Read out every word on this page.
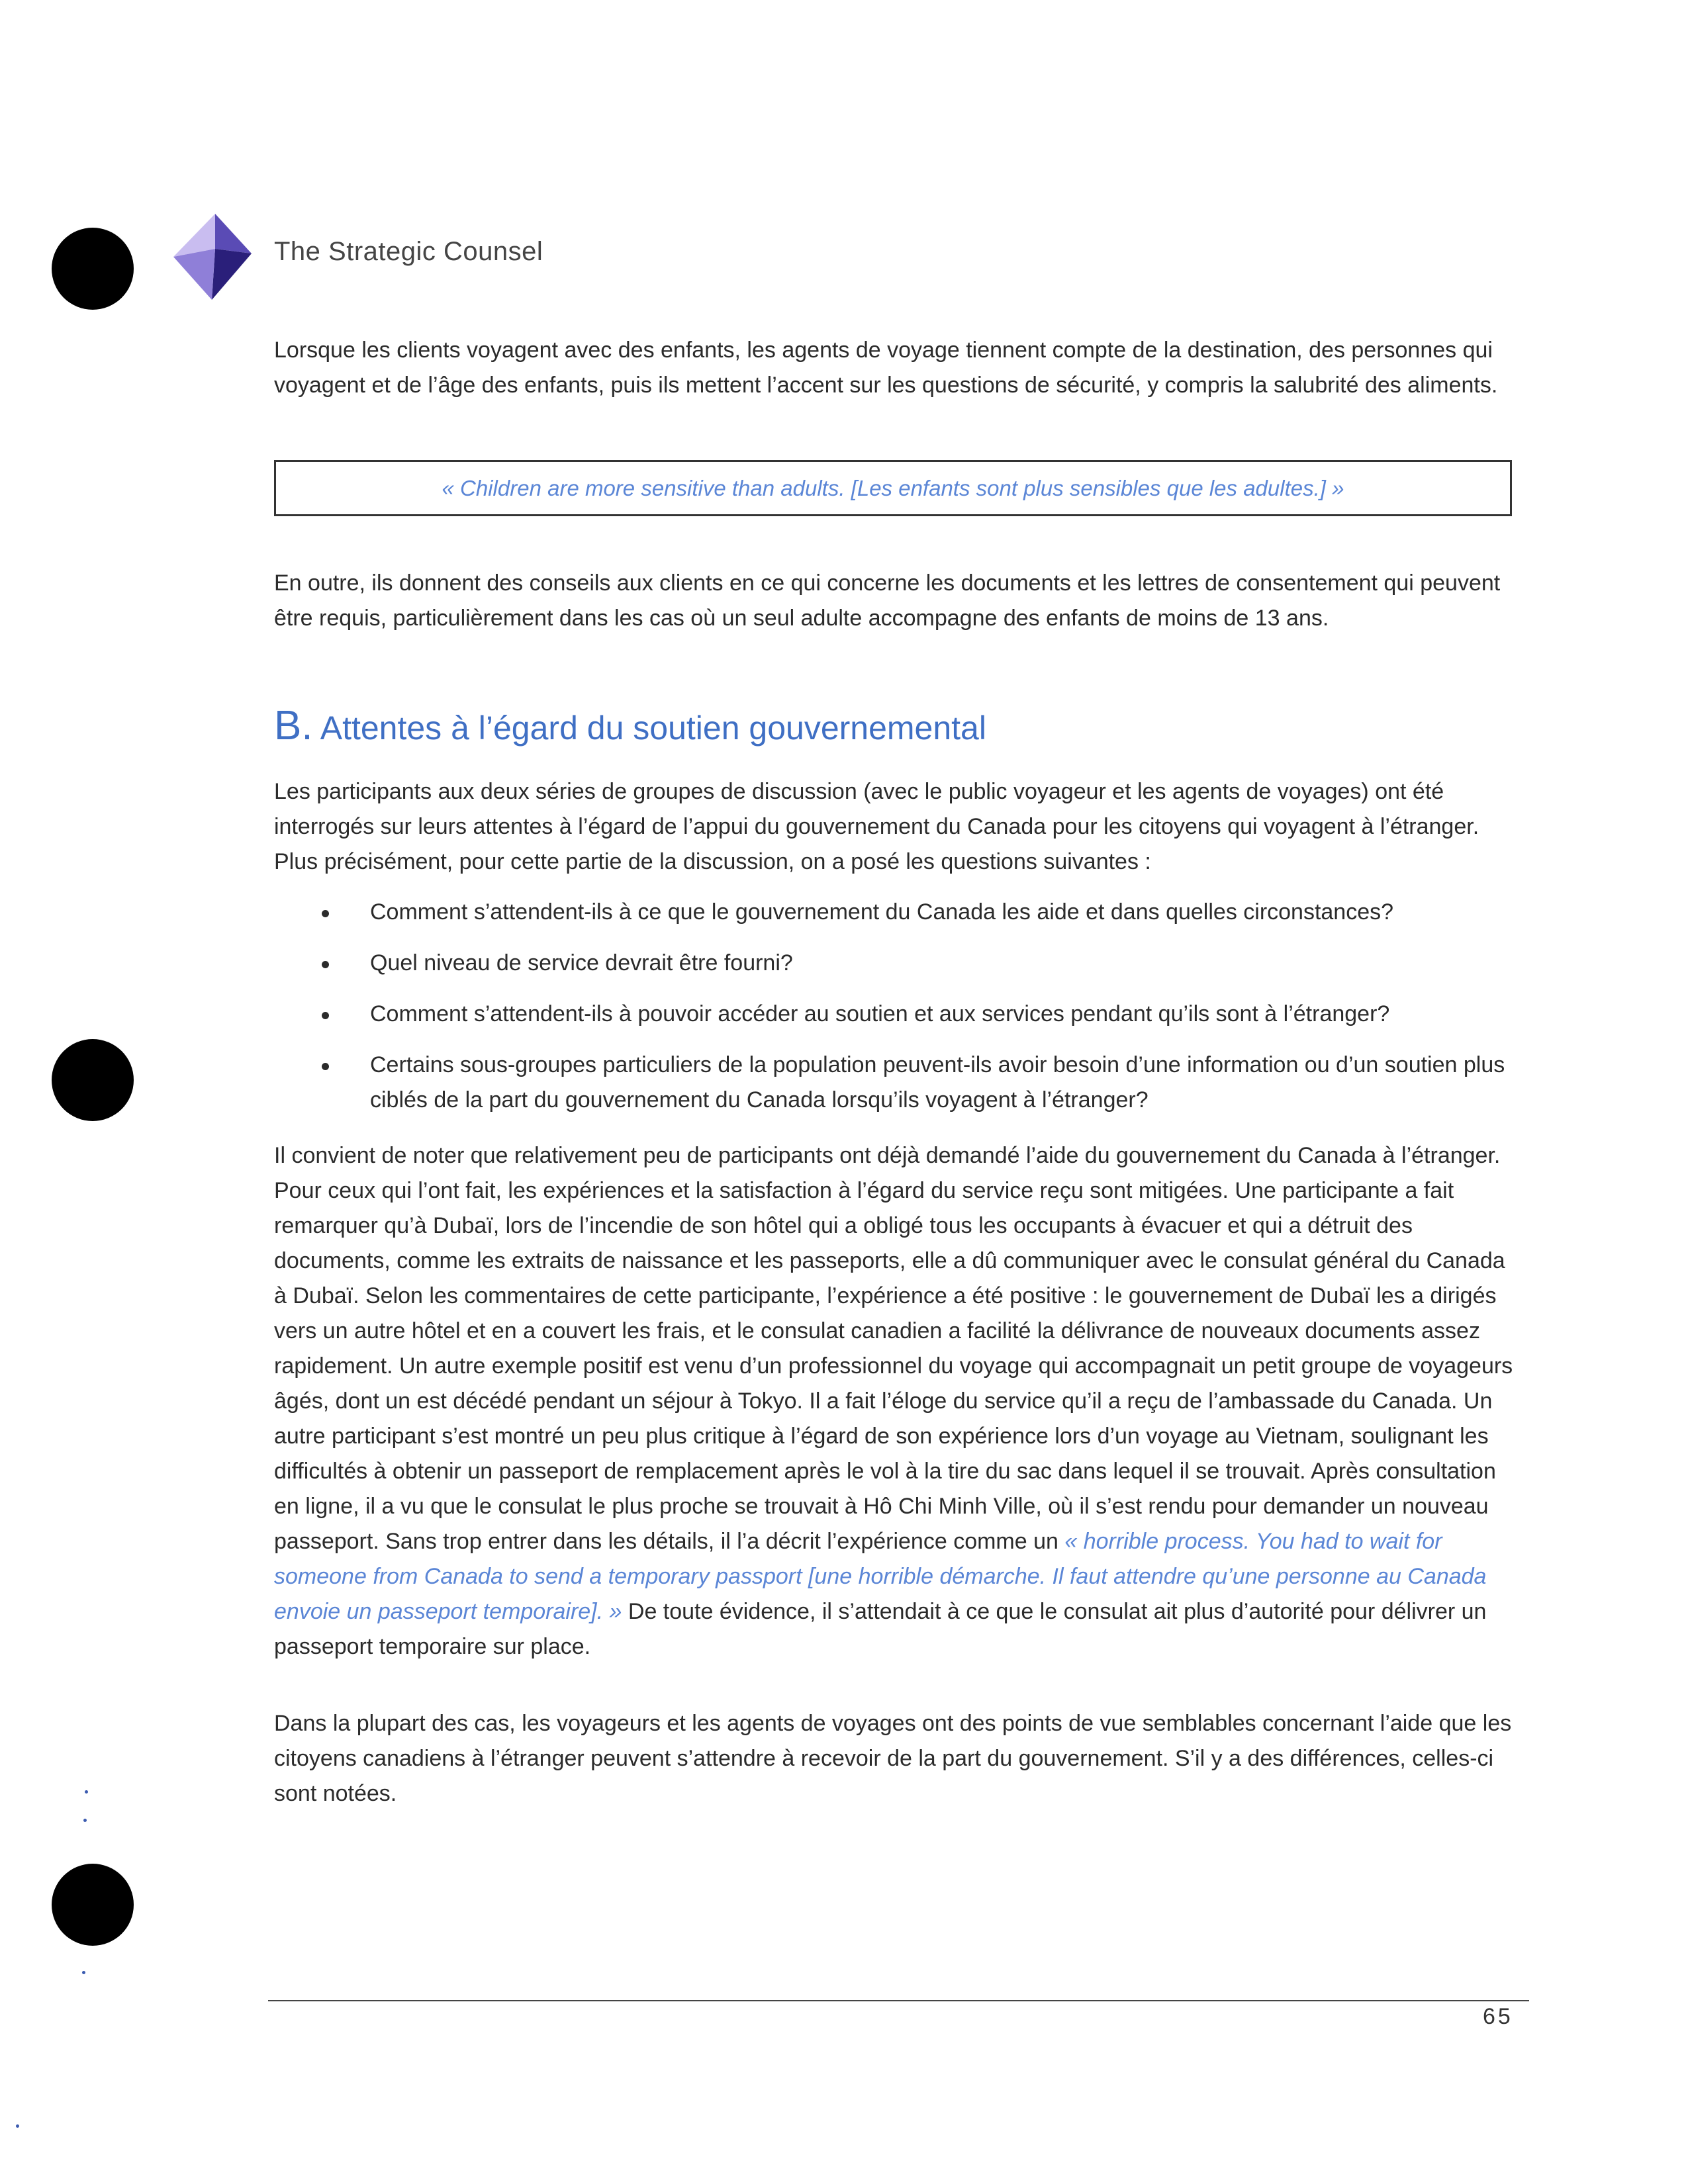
The Strategic Counsel

Lorsque les clients voyagent avec des enfants, les agents de voyage tiennent compte de la destination, des personnes qui voyagent et de l’âge des enfants, puis ils mettent l’accent sur les questions de sécurité, y compris la salubrité des aliments.

« Children are more sensitive than adults. [Les enfants sont plus sensibles que les adultes.] »

En outre, ils donnent des conseils aux clients en ce qui concerne les documents et les lettres de consentement qui peuvent être requis, particulièrement dans les cas où un seul adulte accompagne des enfants de moins de 13 ans.

B. Attentes à l’égard du soutien gouvernemental

Les participants aux deux séries de groupes de discussion (avec le public voyageur et les agents de voyages) ont été interrogés sur leurs attentes à l’égard de l’appui du gouvernement du Canada pour les citoyens qui voyagent à l’étranger. Plus précisément, pour cette partie de la discussion, on a posé les questions suivantes :

Comment s’attendent-ils à ce que le gouvernement du Canada les aide et dans quelles circonstances?
Quel niveau de service devrait être fourni?
Comment s’attendent-ils à pouvoir accéder au soutien et aux services pendant qu’ils sont à l’étranger?
Certains sous-groupes particuliers de la population peuvent-ils avoir besoin d’une information ou d’un soutien plus ciblés de la part du gouvernement du Canada lorsqu’ils voyagent à l’étranger?

Il convient de noter que relativement peu de participants ont déjà demandé l’aide du gouvernement du Canada à l’étranger. Pour ceux qui l’ont fait, les expériences et la satisfaction à l’égard du service reçu sont mitigées. Une participante a fait remarquer qu’à Dubaï, lors de l’incendie de son hôtel qui a obligé tous les occupants à évacuer et qui a détruit des documents, comme les extraits de naissance et les passeports, elle a dû communiquer avec le consulat général du Canada à Dubaï. Selon les commentaires de cette participante, l’expérience a été positive : le gouvernement de Dubaï les a dirigés vers un autre hôtel et en a couvert les frais, et le consulat canadien a facilité la délivrance de nouveaux documents assez rapidement. Un autre exemple positif est venu d’un professionnel du voyage qui accompagnait un petit groupe de voyageurs âgés, dont un est décédé pendant un séjour à Tokyo. Il a fait l’éloge du service qu’il a reçu de l’ambassade du Canada. Un autre participant s’est montré un peu plus critique à l’égard de son expérience lors d’un voyage au Vietnam, soulignant les difficultés à obtenir un passeport de remplacement après le vol à la tire du sac dans lequel il se trouvait. Après consultation en ligne, il a vu que le consulat le plus proche se trouvait à Hô Chi Minh Ville, où il s’est rendu pour demander un nouveau passeport. Sans trop entrer dans les détails, il l’a décrit l’expérience comme un « horrible process. You had to wait for someone from Canada to send a temporary passport [une horrible démarche. Il faut attendre qu’une personne au Canada envoie un passeport temporaire]. » De toute évidence, il s’attendait à ce que le consulat ait plus d’autorité pour délivrer un passeport temporaire sur place.

Dans la plupart des cas, les voyageurs et les agents de voyages ont des points de vue semblables concernant l’aide que les citoyens canadiens à l’étranger peuvent s’attendre à recevoir de la part du gouvernement. S’il y a des différences, celles-ci sont notées.

65
